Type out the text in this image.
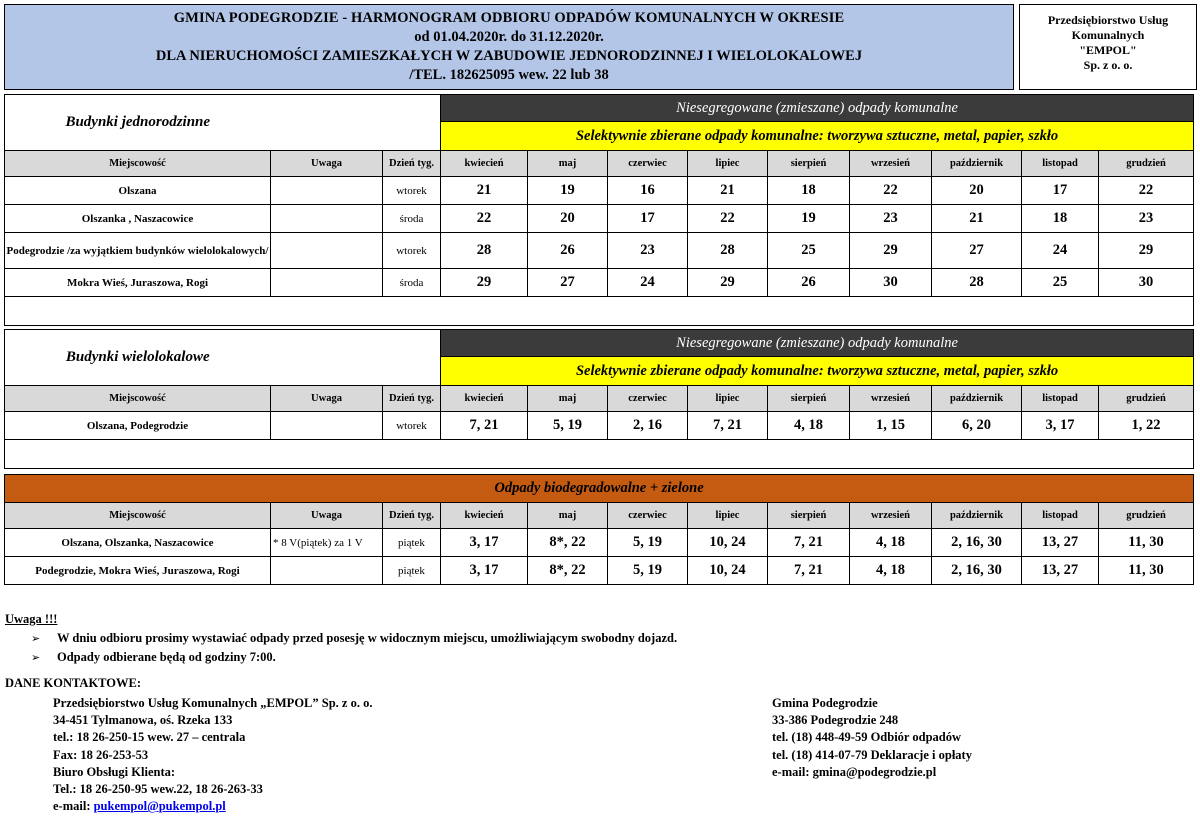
GMINA PODEGRODZIE - HARMONOGRAM ODBIORU ODPADÓW KOMUNALNYCH W OKRESIE
od 01.04.2020r. do 31.12.2020r.
DLA NIERUCHOMOŚCI ZAMIESZKAŁYCH W ZABUDOWIE JEDNORODZINNEJ I WIELOLOKALOWEJ
/TEL. 182625095 wew. 22 lub 38
Przedsiębiorstwo Usług
Komunalnych
"EMPOL"
Sp. z o. o.
Budynki jednorodzinne			Niesegregowane (zmieszane) odpady komunalne								
			Selektywnie zbierane odpady komunalne: tworzywa sztuczne, metal, papier, szkło								
Miejscowość	Uwaga	Dzień tyg.	kwiecień	maj	czerwiec	lipiec	sierpień	wrzesień	październik	listopad	grudzień
Olszana		wtorek	21	19	16	21	18	22	20	17	22
Olszanka , Naszacowice		środa	22	20	17	22	19	23	21	18	23
Podegrodzie /za wyjątkiem budynków wielolokalowych/		wtorek	28	26	23	28	25	29	27	24	29
Mokra Wieś, Juraszowa, Rogi		środa	29	27	24	29	26	30	28	25	30

Budynki wielolokalowe			Niesegregowane (zmieszane) odpady komunalne								
			Selektywnie zbierane odpady komunalne: tworzywa sztuczne, metal, papier, szkło								
Miejscowość	Uwaga	Dzień tyg.	kwiecień	maj	czerwiec	lipiec	sierpień	wrzesień	październik	listopad	grudzień
Olszana, Podegrodzie		wtorek	7, 21	5, 19	2, 16	7, 21	4, 18	1, 15	6, 20	3, 17	1, 22

Odpady biodegradowalne + zielone											
Miejscowość	Uwaga	Dzień tyg.	kwiecień	maj	czerwiec	lipiec	sierpień	wrzesień	październik	listopad	grudzień
Olszana, Olszanka, Naszacowice	* 8 V(piątek) za 1 V	piątek	3, 17	8*, 22	5, 19	10, 24	7, 21	4, 18	2, 16, 30	13, 27	11, 30
Podegrodzie, Mokra Wieś, Juraszowa, Rogi		piątek	3, 17	8*, 22	5, 19	10, 24	7, 21	4, 18	2, 16, 30	13, 27	11, 30
Uwaga !!!
➢ W dniu odbioru prosimy wystawiać odpady przed posesję w widocznym miejscu, umożliwiającym swobodny dojazd.
➢ Odpady odbierane będą od godziny 7:00.
DANE KONTAKTOWE:
Przedsiębiorstwo Usług Komunalnych „EMPOL” Sp. z o. o.
34-451 Tylmanowa, oś. Rzeka 133
tel.: 18 26-250-15 wew. 27 – centrala
Fax: 18 26-253-53
Biuro Obsługi Klienta:
Tel.: 18 26-250-95 wew.22, 18 26-263-33
e-mail: pukempol@pukempol.pl
Gmina Podegrodzie
33-386 Podegrodzie 248
tel. (18) 448-49-59 Odbiór odpadów
tel. (18) 414-07-79 Deklaracje i opłaty
e-mail: gmina@podegrodzie.pl
